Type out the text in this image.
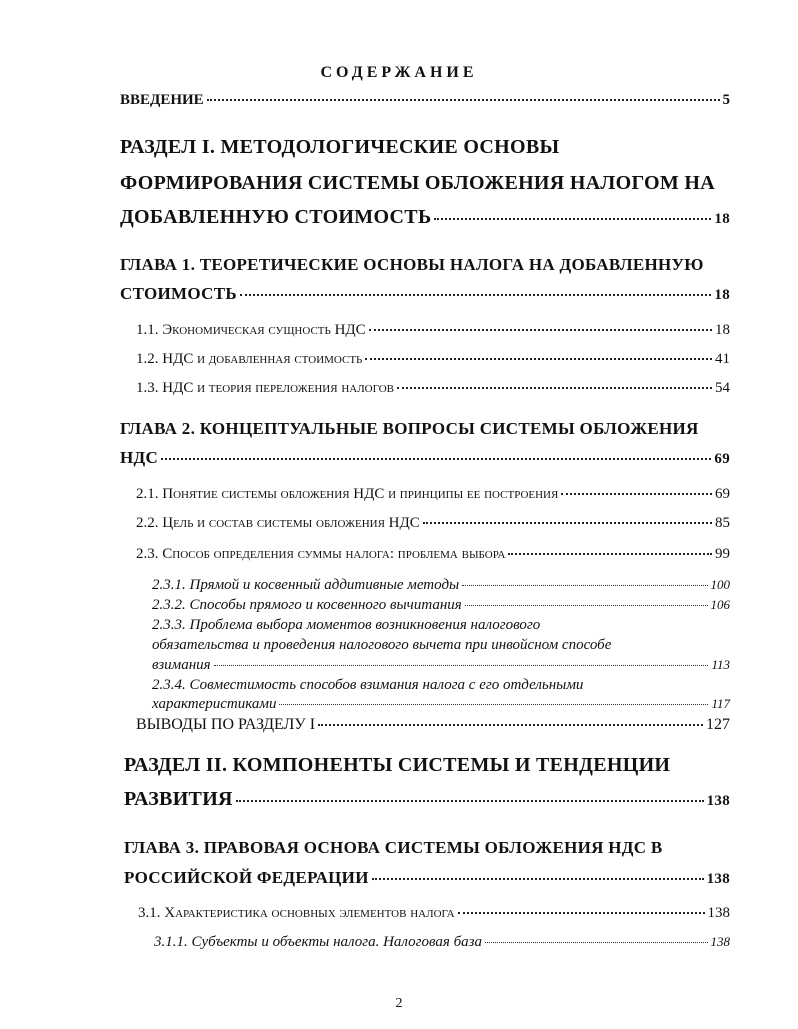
СОДЕРЖАНИЕ
ВВЕДЕНИЕ	5
РАЗДЕЛ I. МЕТОДОЛОГИЧЕСКИЕ ОСНОВЫ
ФОРМИРОВАНИЯ СИСТЕМЫ ОБЛОЖЕНИЯ НАЛОГОМ НА
ДОБАВЛЕННУЮ СТОИМОСТЬ	18
ГЛАВА 1. ТЕОРЕТИЧЕСКИЕ ОСНОВЫ НАЛОГА НА ДОБАВЛЕННУЮ
СТОИМОСТЬ	18
1.1. Экономическая сущность НДС	18
1.2. НДС и добавленная стоимость	41
1.3. НДС и теория переложения налогов	54
ГЛАВА 2. КОНЦЕПТУАЛЬНЫЕ ВОПРОСЫ СИСТЕМЫ ОБЛОЖЕНИЯ
НДС	69
2.1. Понятие системы обложения НДС и принципы ее построения	69
2.2. Цель и состав системы обложения НДС	85
2.3. Способ определения суммы налога: проблема выбора	99
2.3.1. Прямой и косвенный аддитивные методы	100
2.3.2. Способы прямого и косвенного вычитания	106
2.3.3. Проблема выбора моментов возникновения налогового
обязательства и проведения налогового вычета при инвойсном способе
взимания	113
2.3.4. Совместимость способов взимания налога с его отдельными
характеристиками	117
ВЫВОДЫ ПО РАЗДЕЛУ I	127
РАЗДЕЛ II. КОМПОНЕНТЫ СИСТЕМЫ И ТЕНДЕНЦИИ
РАЗВИТИЯ	138
ГЛАВА 3. ПРАВОВАЯ ОСНОВА СИСТЕМЫ ОБЛОЖЕНИЯ НДС В
РОССИЙСКОЙ ФЕДЕРАЦИИ	138
3.1. Характеристика основных элементов налога	138
3.1.1. Субъекты и объекты налога. Налоговая база	138
2
